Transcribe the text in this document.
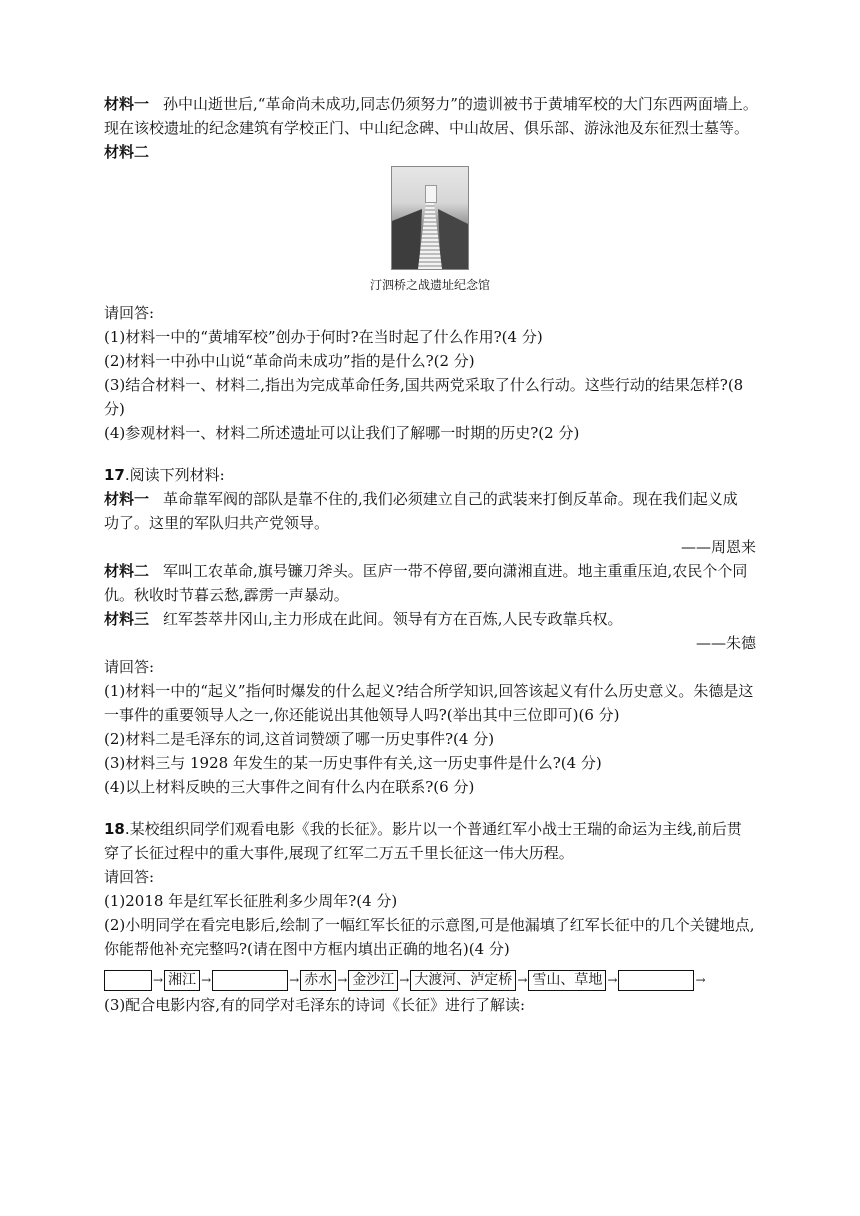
材料一 孙中山逝世后,“革命尚未成功,同志仍须努力”的遗训被书于黄埔军校的大门东西两面墙上。
现在该校遗址的纪念建筑有学校正门、中山纪念碑、中山故居、俱乐部、游泳池及东征烈士墓等。
材料二
汀泗桥之战遗址纪念馆
请回答:
(1)材料一中的“黄埔军校”创办于何时?在当时起了什么作用?(4 分)
(2)材料一中孙中山说“革命尚未成功”指的是什么?(2 分)
(3)结合材料一、材料二,指出为完成革命任务,国共两党采取了什么行动。这些行动的结果怎样?(8
分)
(4)参观材料一、材料二所述遗址可以让我们了解哪一时期的历史?(2 分)
17.阅读下列材料:
材料一 革命靠军阀的部队是靠不住的,我们必须建立自己的武装来打倒反革命。现在我们起义成
功了。这里的军队归共产党领导。
——周恩来
材料二 军叫工农革命,旗号镰刀斧头。匡庐一带不停留,要向潇湘直进。地主重重压迫,农民个个同
仇。秋收时节暮云愁,霹雳一声暴动。
材料三 红军荟萃井冈山,主力形成在此间。领导有方在百炼,人民专政靠兵权。
——朱德
请回答:
(1)材料一中的“起义”指何时爆发的什么起义?结合所学知识,回答该起义有什么历史意义。朱德是这
一事件的重要领导人之一,你还能说出其他领导人吗?(举出其中三位即可)(6 分)
(2)材料二是毛泽东的词,这首词赞颂了哪一历史事件?(4 分)
(3)材料三与 1928 年发生的某一历史事件有关,这一历史事件是什么?(4 分)
(4)以上材料反映的三大事件之间有什么内在联系?(6 分)
18.某校组织同学们观看电影《我的长征》。影片以一个普通红军小战士王瑞的命运为主线,前后贯
穿了长征过程中的重大事件,展现了红军二万五千里长征这一伟大历程。
请回答:
(1)2018 年是红军长征胜利多少周年?(4 分)
(2)小明同学在看完电影后,绘制了一幅红军长征的示意图,可是他漏填了红军长征中的几个关键地点,
你能帮他补充完整吗?(请在图中方框内填出正确的地名)(4 分)
→ 湘江 →	→ 赤水 → 金沙江 → 大渡河、泸定桥 → 雪山、草地 →	→
(3)配合电影内容,有的同学对毛泽东的诗词《长征》进行了解读:
